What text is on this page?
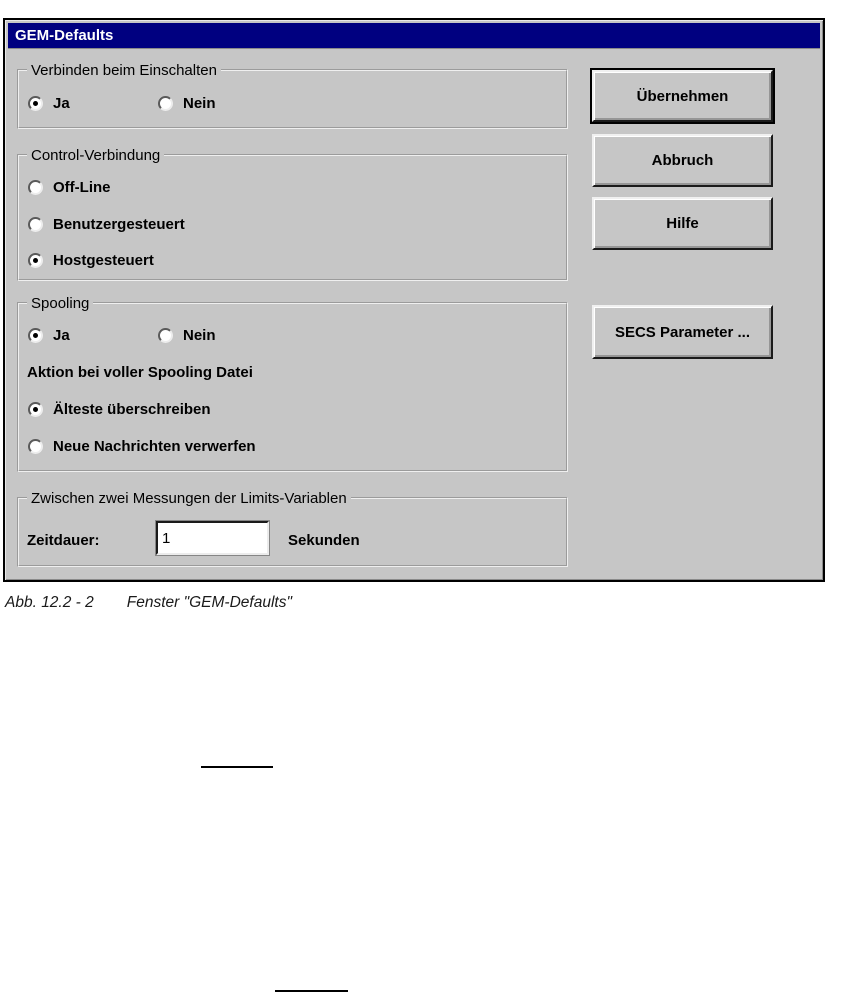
GEM-Defaults
Verbinden beim Einschalten
Ja	Nein
Control-Verbindung
Off-Line
Benutzergesteuert
Hostgesteuert
Spooling
Ja	Nein
Aktion bei voller Spooling Datei
Älteste überschreiben
Neue Nachrichten verwerfen
Zwischen zwei Messungen der Limits-Variablen
Zeitdauer:
1	Sekunden
Übernehmen
Abbruch
Hilfe
SECS Parameter ...
Abb. 12.2 - 2 Fenster "GEM-Defaults"
